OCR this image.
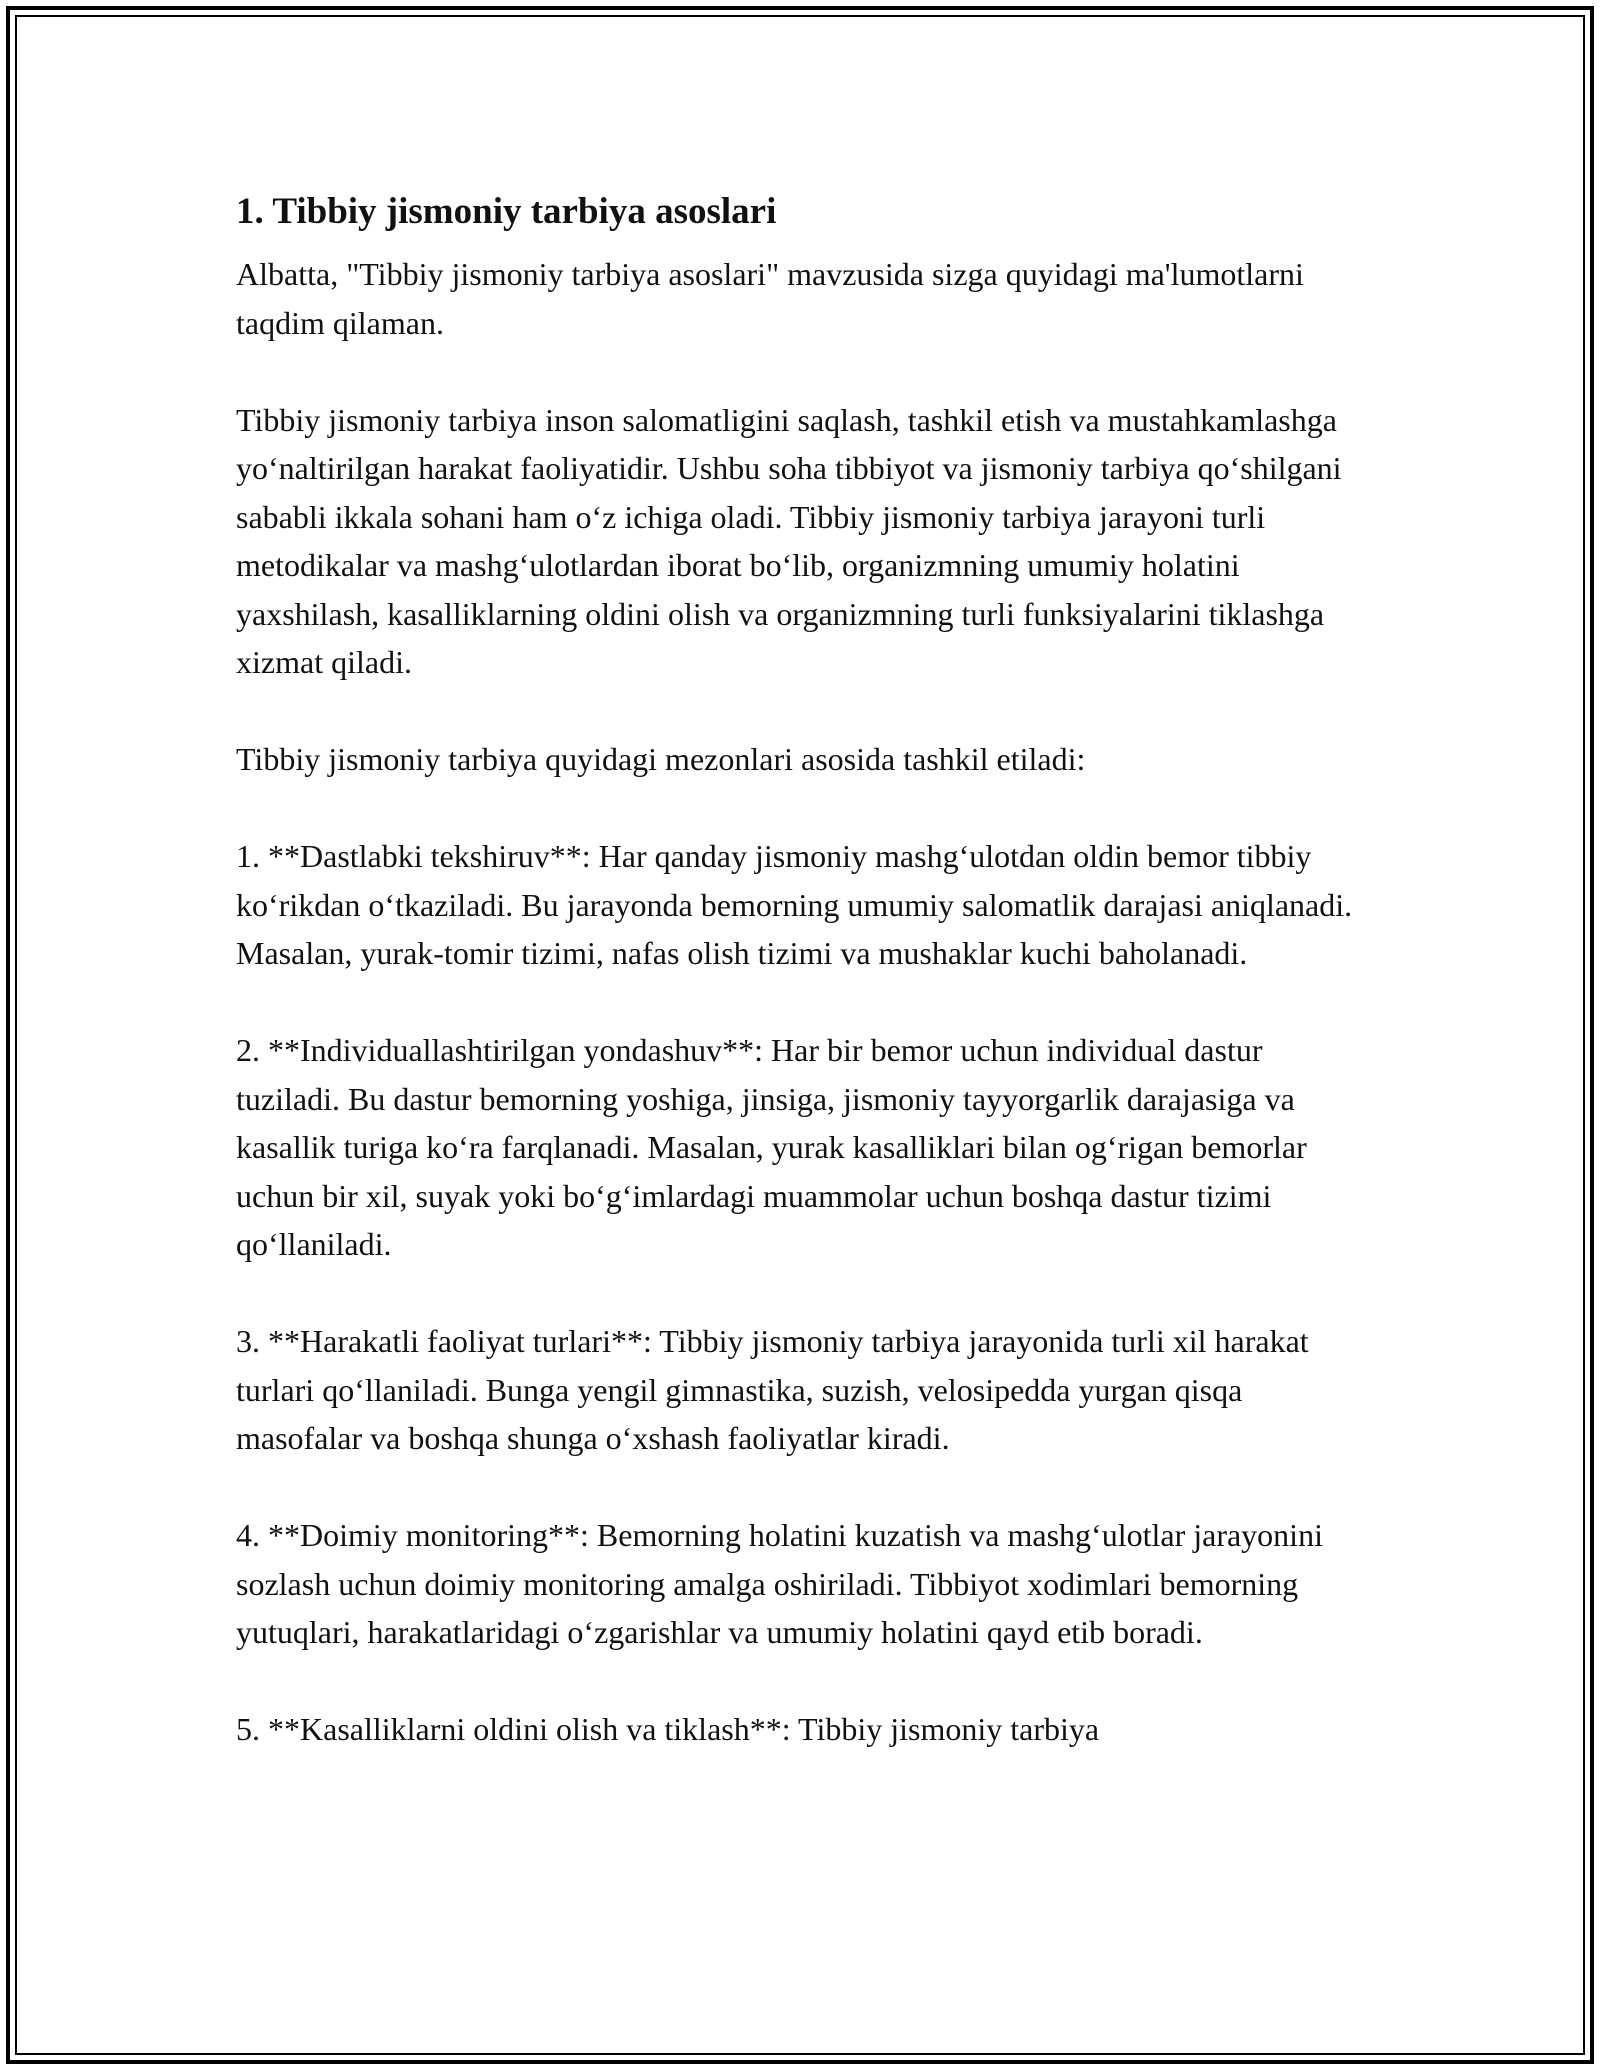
1. Tibbiy jismoniy tarbiya asoslari

Albatta, "Tibbiy jismoniy tarbiya asoslari" mavzusida sizga quyidagi ma'lumotlarni taqdim qilaman.

Tibbiy jismoniy tarbiya inson salomatligini saqlash, tashkil etish va mustahkamlashga yoʻnaltirilgan harakat faoliyatidir. Ushbu soha tibbiyot va jismoniy tarbiya qoʻshilgani sababli ikkala sohani ham oʻz ichiga oladi. Tibbiy jismoniy tarbiya jarayoni turli metodikalar va mashgʻulotlardan iborat boʻlib, organizmning umumiy holatini yaxshilash, kasalliklarning oldini olish va organizmning turli funksiyalarini tiklashga xizmat qiladi.

Tibbiy jismoniy tarbiya quyidagi mezonlari asosida tashkil etiladi:

1. **Dastlabki tekshiruv**: Har qanday jismoniy mashgʻulotdan oldin bemor tibbiy koʻrikdan oʻtkaziladi. Bu jarayonda bemorning umumiy salomatlik darajasi aniqlanadi. Masalan, yurak-tomir tizimi, nafas olish tizimi va mushaklar kuchi baholanadi.

2. **Individuallashtirilgan yondashuv**: Har bir bemor uchun individual dastur tuziladi. Bu dastur bemorning yoshiga, jinsiga, jismoniy tayyorgarlik darajasiga va kasallik turiga koʻra farqlanadi. Masalan, yurak kasalliklari bilan ogʻrigan bemorlar uchun bir xil, suyak yoki boʻgʻimlardagi muammolar uchun boshqa dastur tizimi qoʻllaniladi.

3. **Harakatli faoliyat turlari**: Tibbiy jismoniy tarbiya jarayonida turli xil harakat turlari qoʻllaniladi. Bunga yengil gimnastika, suzish, velosipedda yurgan qisqa masofalar va boshqa shunga oʻxshash faoliyatlar kiradi.

4. **Doimiy monitoring**: Bemorning holatini kuzatish va mashgʻulotlar jarayonini sozlash uchun doimiy monitoring amalga oshiriladi. Tibbiyot xodimlari bemorning yutuqlari, harakatlaridagi oʻzgarishlar va umumiy holatini qayd etib boradi.

5. **Kasalliklarni oldini olish va tiklash**: Tibbiy jismoniy tarbiya
